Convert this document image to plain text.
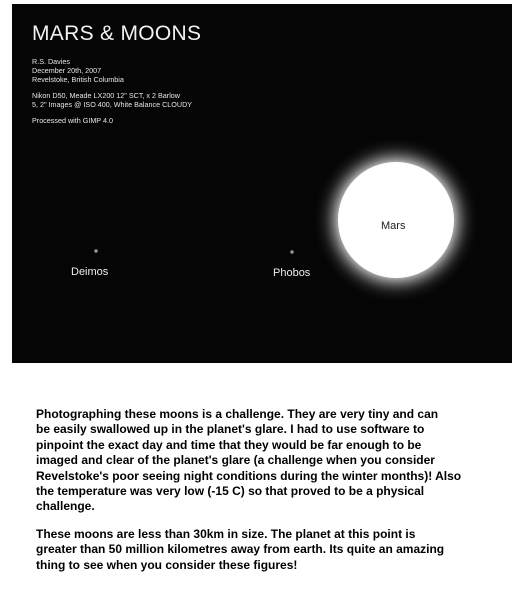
MARS & MOONS
R.S. Davies
December 20th, 2007
Revelstoke, British Columbia
Nikon D50, Meade LX200 12" SCT, x 2 Barlow
5, 2" Images @ ISO 400, White Balance CLOUDY
Processed with GIMP 4.0
Mars
Phobos
Deimos

Photographing these moons is a challenge. They are very tiny and can
be easily swallowed up in the planet's glare. I had to use software to
pinpoint the exact day and time that they would be far enough to be
imaged and clear of the planet's glare (a challenge when you consider
Revelstoke's poor seeing night conditions during the winter months)! Also
the temperature was very low (-15 C) so that proved to be a physical
challenge.

These moons are less than 30km in size. The planet at this point is
greater than 50 million kilometres away from earth. Its quite an amazing
thing to see when you consider these figures!
